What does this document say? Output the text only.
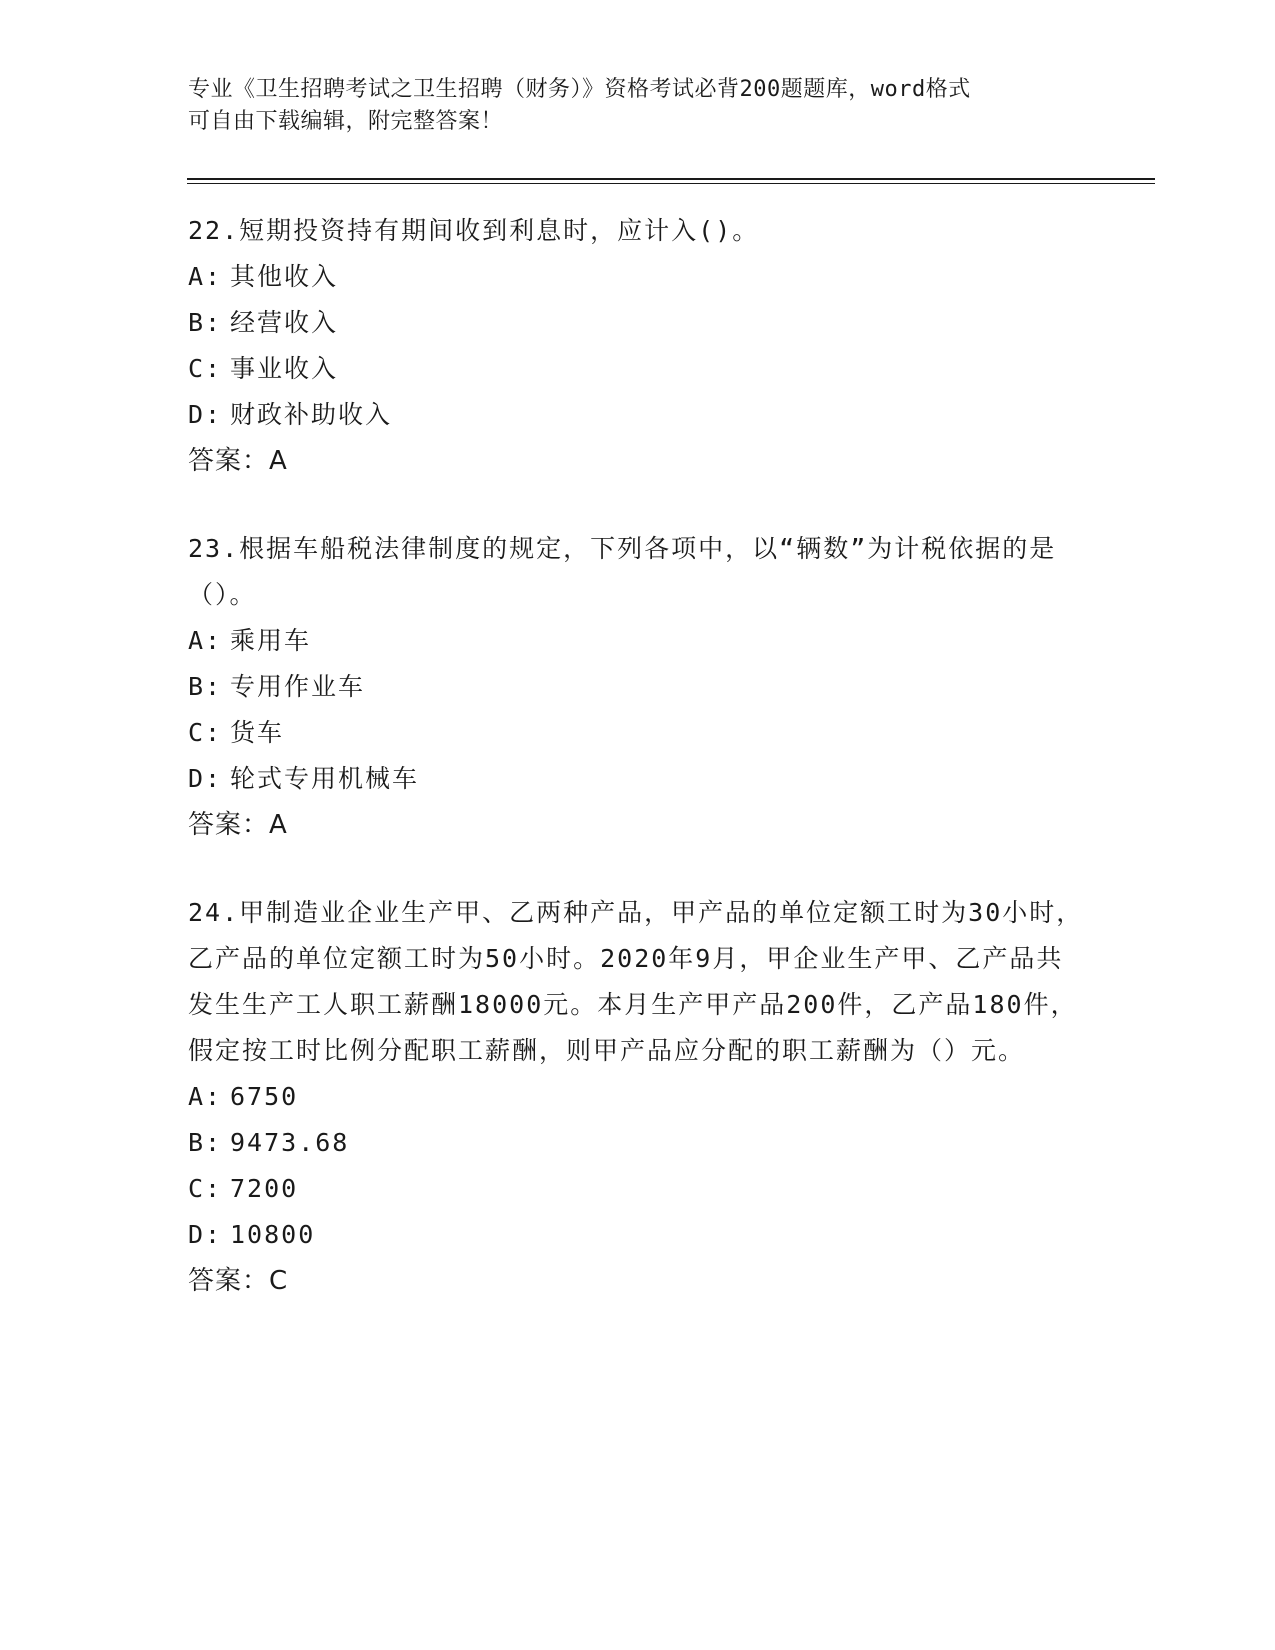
专业《卫生招聘考试之卫生招聘（财务）》资格考试必背200题题库，word格式
可自由下载编辑，附完整答案！
22.短期投资持有期间收到利息时，应计入()。
A: 其他收入
B: 经营收入
C: 事业收入
D: 财政补助收入
答案：A
23.根据车船税法律制度的规定，下列各项中，以“辆数”为计税依据的是（）。
A: 乘用车
B: 专用作业车
C: 货车
D: 轮式专用机械车
答案：A
24.甲制造业企业生产甲、乙两种产品，甲产品的单位定额工时为30小时，乙产品的单位定额工时为50小时。2020年9月，甲企业生产甲、乙产品共发生生产工人职工薪酬18000元。本月生产甲产品200件，乙产品180件，假定按工时比例分配职工薪酬，则甲产品应分配的职工薪酬为（）元。
A: 6750
B: 9473.68
C: 7200
D: 10800
答案：C
